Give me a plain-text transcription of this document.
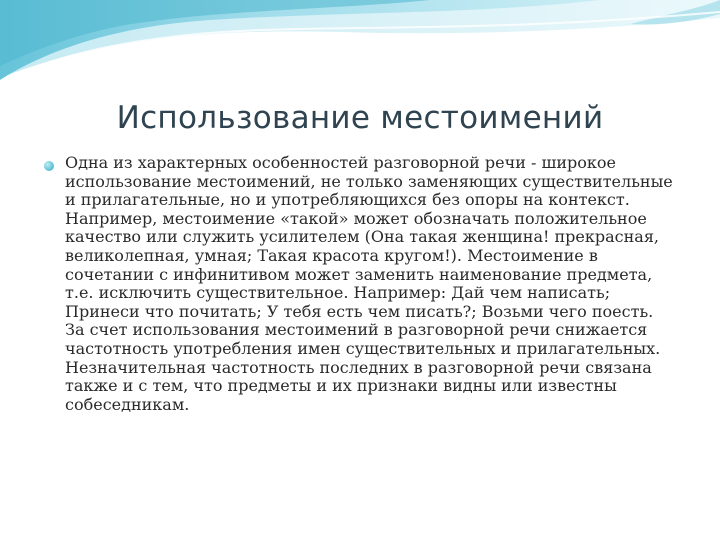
Использование местоимений

Одна из характерных особенностей разговорной речи - широкое использование местоимений, не только заменяющих существительные и прилагательные, но и употребляющихся без опоры на контекст. Например, местоимение «такой» может обозначать положительное качество или служить усилителем (Она такая женщина! прекрасная, великолепная, умная; Такая красота кругом!). Местоимение в сочетании с инфинитивом может заменить наименование предмета, т.е. исключить существительное. Например: Дай чем написать; Принеси что почитать; У тебя есть чем писать?; Возьми чего поесть. За счет использования местоимений в разговорной речи снижается частотность употребления имен существительных и прилагательных. Незначительная частотность последних в разговорной речи связана также и с тем, что предметы и их признаки видны или известны собеседникам.
